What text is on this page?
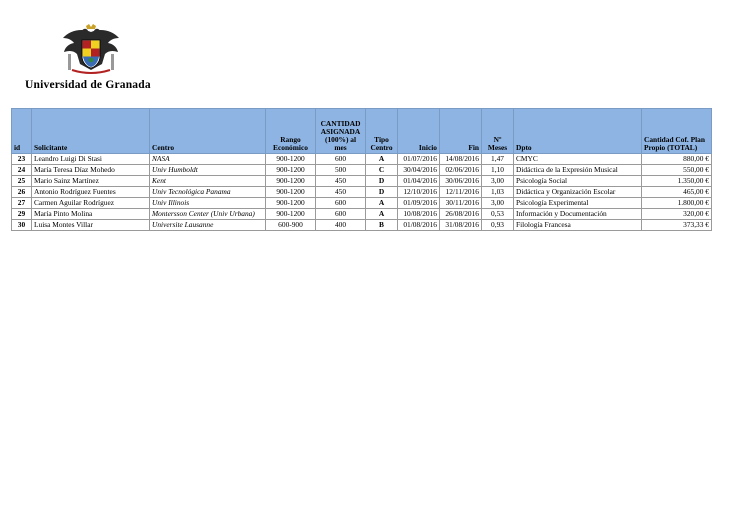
Universidad de Granada
id	Solicitante	Centro	Rango Económico	CANTIDAD ASIGNADA (100%) al mes	Tipo Centro	Inicio	Fin	Nº Meses	Dpto	Cantidad Cof. Plan Propio (TOTAL)
23	Leandro Luigi Di Stasi	NASA	900-1200	600	A	01/07/2016	14/08/2016	1,47	CMYC	880,00 €
24	María Teresa Díaz Mohedo	Univ Humboldt	900-1200	500	C	30/04/2016	02/06/2016	1,10	Didáctica de la Expresión Musical	550,00 €
25	Mario Sainz Martínez	Kent	900-1200	450	D	01/04/2016	30/06/2016	3,00	Psicología Social	1.350,00 €
26	Antonio Rodríguez Fuentes	Univ Tecnológica Panama	900-1200	450	D	12/10/2016	12/11/2016	1,03	Didáctica y Organización Escolar	465,00 €
27	Carmen Aguilar Rodríguez	Univ Illinois	900-1200	600	A	01/09/2016	30/11/2016	3,00	Psicología Experimental	1.800,00 €
29	María Pinto Molina	Montersson Center (Univ Urbana)	900-1200	600	A	10/08/2016	26/08/2016	0,53	Información y Documentación	320,00 €
30	Luisa Montes Villar	Universite Lausanne	600-900	400	B	01/08/2016	31/08/2016	0,93	Filología Francesa	373,33 €
